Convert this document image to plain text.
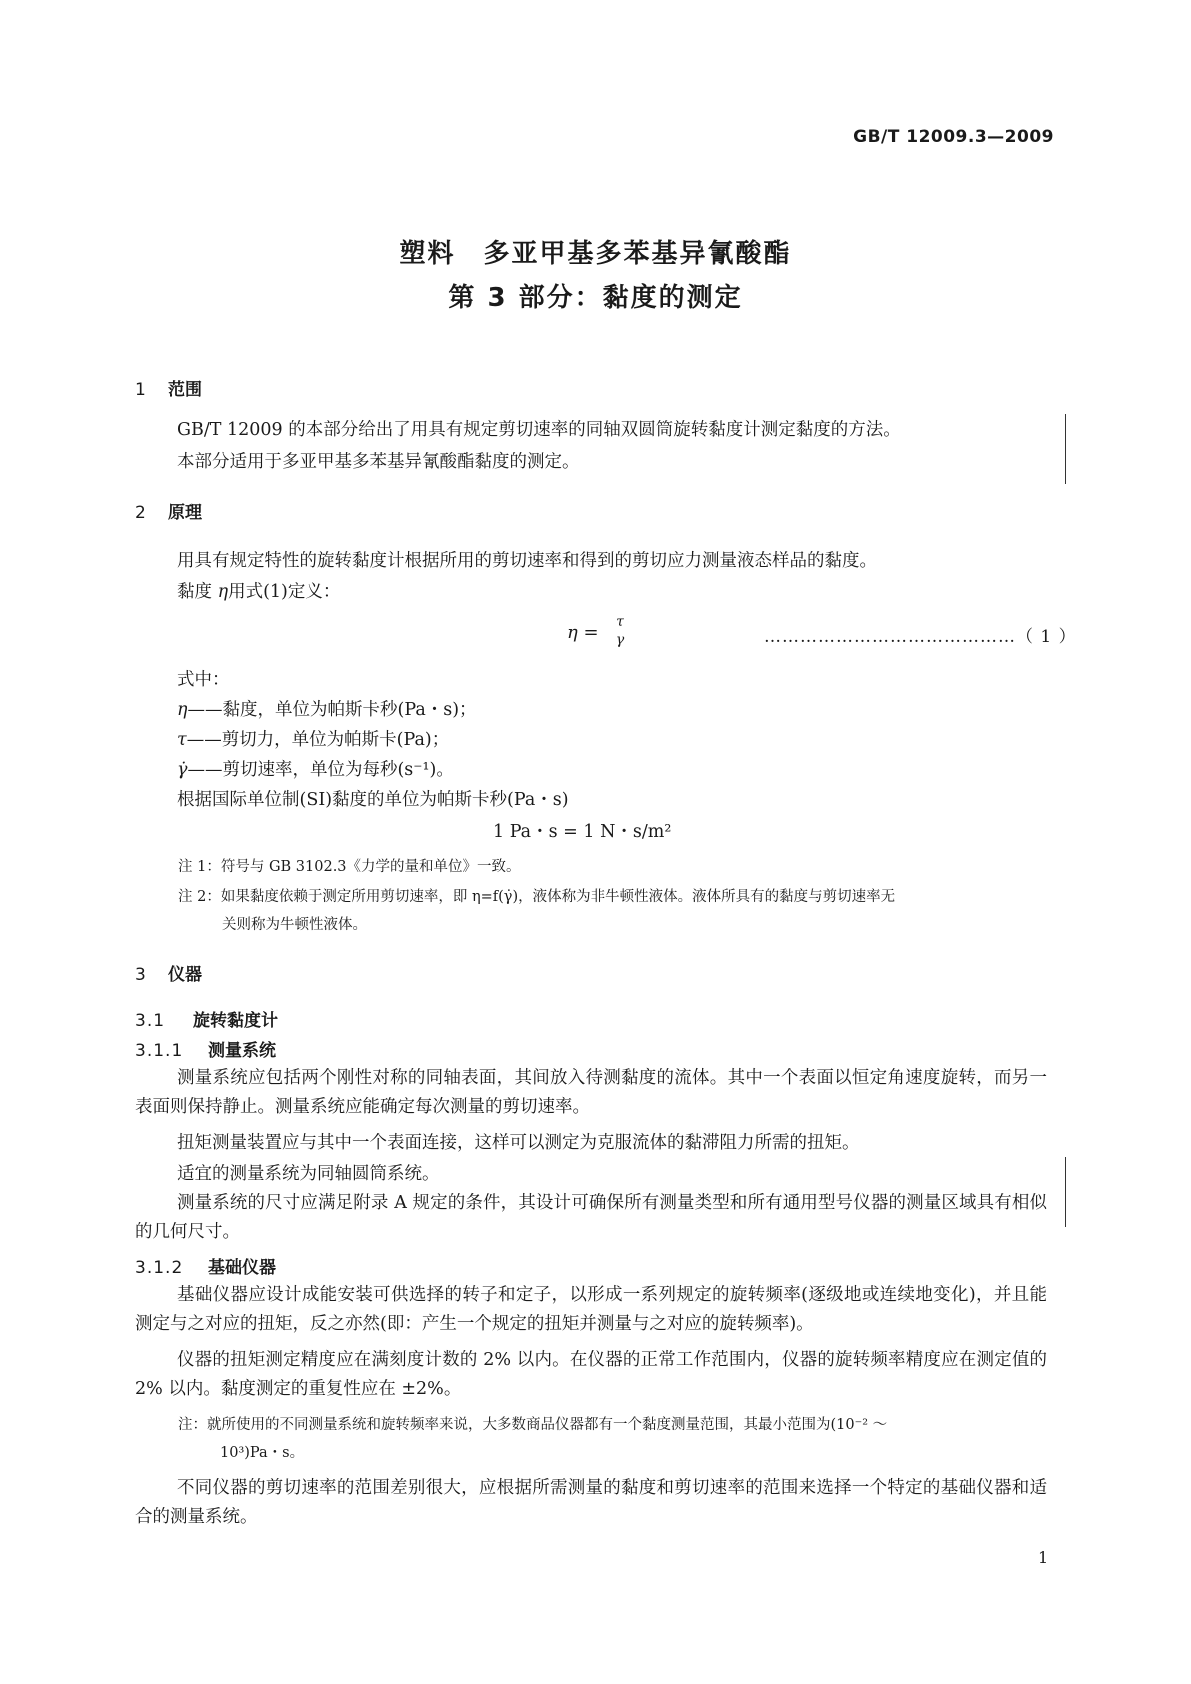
GB/T 12009.3—2009
塑料　多亚甲基多苯基异氰酸酯
第 3 部分：黏度的测定
1 范围
GB/T 12009 的本部分给出了用具有规定剪切速率的同轴双圆筒旋转黏度计测定黏度的方法。
本部分适用于多亚甲基多苯基异氰酸酯黏度的测定。
2 原理
用具有规定特性的旋转黏度计根据所用的剪切速率和得到的剪切应力测量液态样品的黏度。
黏度 η用式(1)定义：
η = τ
γ	……………………………………（ 1 ）
式中：
η——黏度，单位为帕斯卡秒(Pa・s)；
τ——剪切力，单位为帕斯卡(Pa)；
γ̇——剪切速率，单位为每秒(s⁻¹)。
根据国际单位制(SI)黏度的单位为帕斯卡秒(Pa・s)
1 Pa・s = 1 N・s/m²
注 1：符号与 GB 3102.3《力学的量和单位》一致。
注 2：如果黏度依赖于测定所用剪切速率，即 η=f(γ̇)，液体称为非牛顿性液体。液体所具有的黏度与剪切速率无
关则称为牛顿性液体。
3 仪器
3.1 旋转黏度计
3.1.1 测量系统
测量系统应包括两个刚性对称的同轴表面，其间放入待测黏度的流体。其中一个表面以恒定角速度旋转，而另一表面则保持静止。测量系统应能确定每次测量的剪切速率。
扭矩测量装置应与其中一个表面连接，这样可以测定为克服流体的黏滞阻力所需的扭矩。
适宜的测量系统为同轴圆筒系统。
测量系统的尺寸应满足附录 A 规定的条件，其设计可确保所有测量类型和所有通用型号仪器的测量区域具有相似的几何尺寸。
3.1.2 基础仪器
基础仪器应设计成能安装可供选择的转子和定子，以形成一系列规定的旋转频率(逐级地或连续地变化)，并且能测定与之对应的扭矩，反之亦然(即：产生一个规定的扭矩并测量与之对应的旋转频率)。
仪器的扭矩测定精度应在满刻度计数的 2% 以内。在仪器的正常工作范围内，仪器的旋转频率精度应在测定值的 2% 以内。黏度测定的重复性应在 ±2%。
注：就所使用的不同测量系统和旋转频率来说，大多数商品仪器都有一个黏度测量范围，其最小范围为(10⁻² ～
10³)Pa・s。
不同仪器的剪切速率的范围差别很大，应根据所需测量的黏度和剪切速率的范围来选择一个特定的基础仪器和适合的测量系统。
1
